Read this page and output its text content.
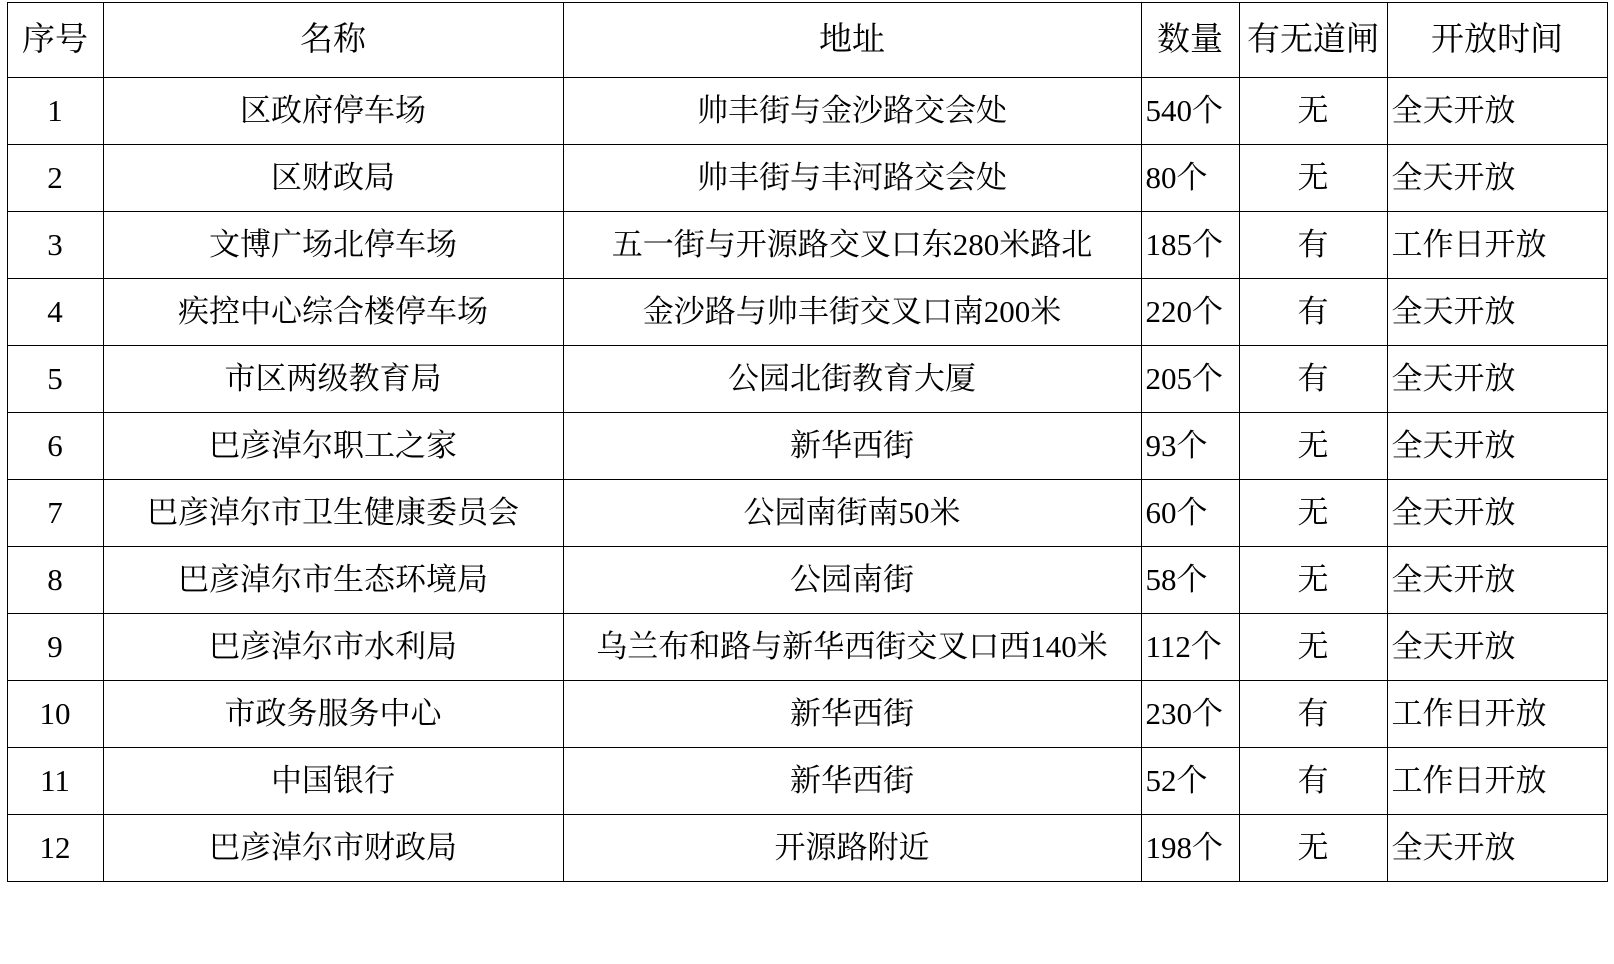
序号	名称	地址	数量	有无道闸	开放时间
1	区政府停车场	帅丰街与金沙路交会处	540个	无	全天开放
2	区财政局	帅丰街与丰河路交会处	80个	无	全天开放
3	文博广场北停车场	五一街与开源路交叉口东280米路北	185个	有	工作日开放
4	疾控中心综合楼停车场	金沙路与帅丰街交叉口南200米	220个	有	全天开放
5	市区两级教育局	公园北街教育大厦	205个	有	全天开放
6	巴彦淖尔职工之家	新华西街	93个	无	全天开放
7	巴彦淖尔市卫生健康委员会	公园南街南50米	60个	无	全天开放
8	巴彦淖尔市生态环境局	公园南街	58个	无	全天开放
9	巴彦淖尔市水利局	乌兰布和路与新华西街交叉口西140米	112个	无	全天开放
10	市政务服务中心	新华西街	230个	有	工作日开放
11	中国银行	新华西街	52个	有	工作日开放
12	巴彦淖尔市财政局	开源路附近	198个	无	全天开放
